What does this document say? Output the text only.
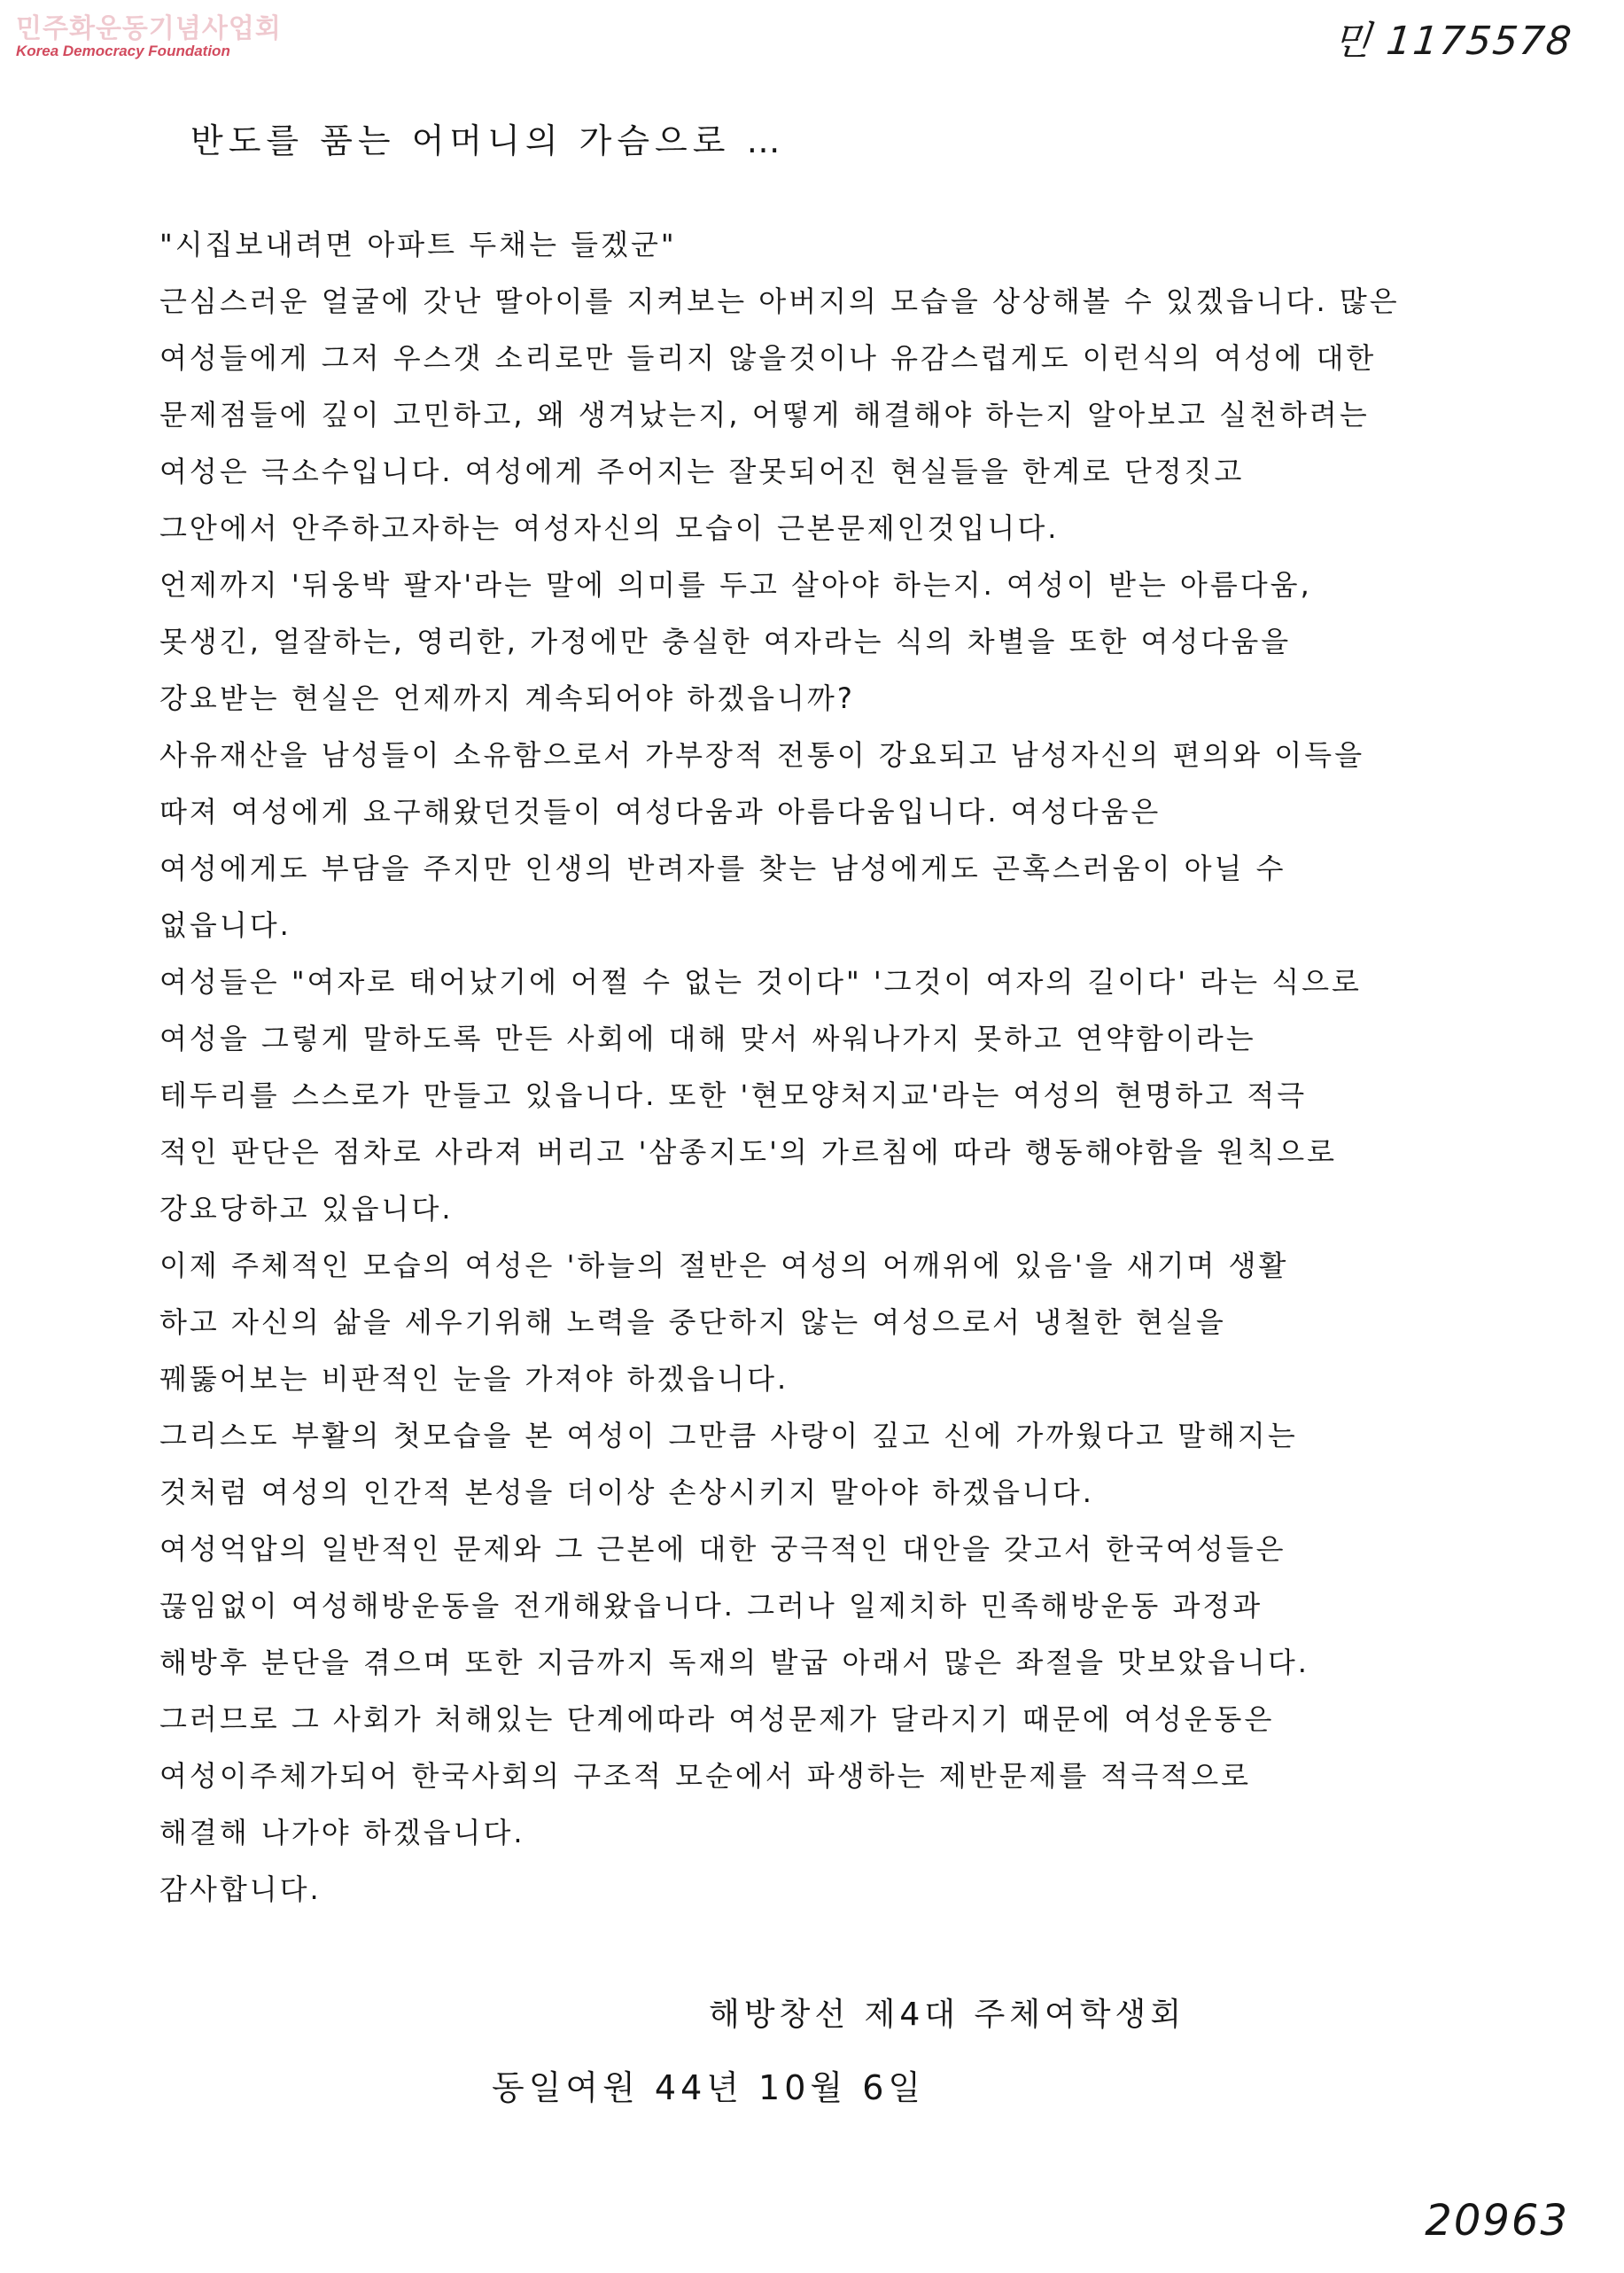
민주화운동기념사업회
Korea Democracy Foundation	민 1175578
반도를 품는 어머니의 가슴으로 …
"시집보내려면 아파트 두채는 들겠군"
근심스러운 얼굴에 갓난 딸아이를 지켜보는 아버지의 모습을 상상해볼 수 있겠읍니다. 많은
여성들에게 그저 우스갯 소리로만 들리지 않을것이나 유감스럽게도 이런식의 여성에 대한
문제점들에 깊이 고민하고, 왜 생겨났는지, 어떻게 해결해야 하는지 알아보고 실천하려는
여성은 극소수입니다. 여성에게 주어지는 잘못되어진 현실들을 한계로 단정짓고
그안에서 안주하고자하는 여성자신의 모습이 근본문제인것입니다.
언제까지 '뒤웅박 팔자'라는 말에 의미를 두고 살아야 하는지. 여성이 받는 아름다움,
못생긴, 얼잘하는, 영리한, 가정에만 충실한 여자라는 식의 차별을 또한 여성다움을
강요받는 현실은 언제까지 계속되어야 하겠읍니까?
사유재산을 남성들이 소유함으로서 가부장적 전통이 강요되고 남성자신의 편의와 이득을
따져 여성에게 요구해왔던것들이 여성다움과 아름다움입니다. 여성다움은
여성에게도 부담을 주지만 인생의 반려자를 찾는 남성에게도 곤혹스러움이 아닐 수
없읍니다.
여성들은 "여자로 태어났기에 어쩔 수 없는 것이다" '그것이 여자의 길이다' 라는 식으로
여성을 그렇게 말하도록 만든 사회에 대해 맞서 싸워나가지 못하고 연약함이라는
테두리를 스스로가 만들고 있읍니다. 또한 '현모양처지교'라는 여성의 현명하고 적극
적인 판단은 점차로 사라져 버리고 '삼종지도'의 가르침에 따라 행동해야함을 원칙으로
강요당하고 있읍니다.
이제 주체적인 모습의 여성은 '하늘의 절반은 여성의 어깨위에 있음'을 새기며 생활
하고 자신의 삶을 세우기위해 노력을 중단하지 않는 여성으로서 냉철한 현실을
꿰뚫어보는 비판적인 눈을 가져야 하겠읍니다.
그리스도 부활의 첫모습을 본 여성이 그만큼 사랑이 깊고 신에 가까웠다고 말해지는
것처럼 여성의 인간적 본성을 더이상 손상시키지 말아야 하겠읍니다.
여성억압의 일반적인 문제와 그 근본에 대한 궁극적인 대안을 갖고서 한국여성들은
끊임없이 여성해방운동을 전개해왔읍니다. 그러나 일제치하 민족해방운동 과정과
해방후 분단을 겪으며 또한 지금까지 독재의 발굽 아래서 많은 좌절을 맛보았읍니다.
그러므로 그 사회가 처해있는 단계에따라 여성문제가 달라지기 때문에 여성운동은
여성이주체가되어 한국사회의 구조적 모순에서 파생하는 제반문제를 적극적으로
해결해 나가야 하겠읍니다.
감사합니다.
해방창선 제4대 주체여학생회
동일여원 44년 10월 6일
20963
